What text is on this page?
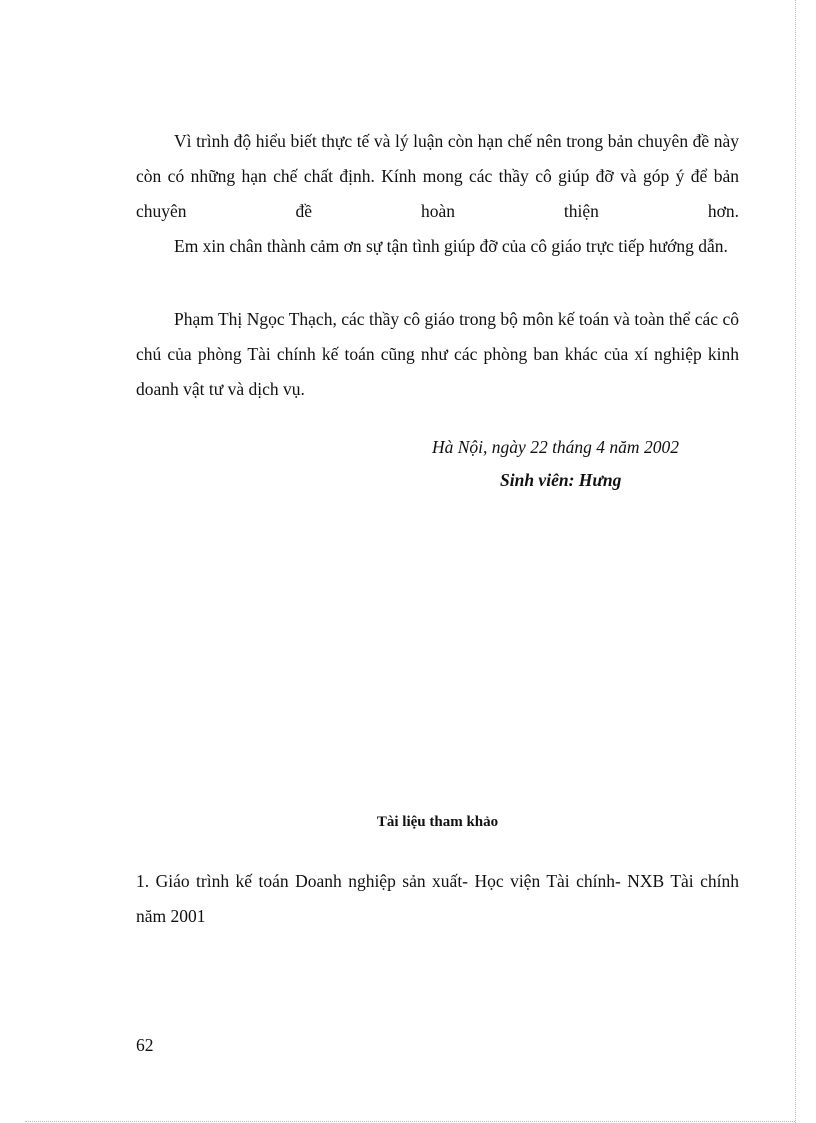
Vì trình độ hiểu biết thực tế và lý luận còn hạn chế nên trong bản chuyên đề này còn có những hạn chế chất định. Kính mong các thầy cô giúp đỡ và góp ý để bản chuyên đề hoàn thiện hơn.

Em xin chân thành cảm ơn sự tận tình giúp đỡ của cô giáo trực tiếp hướng dẫn.

Phạm Thị Ngọc Thạch, các thầy cô giáo trong bộ môn kế toán và toàn thể các cô chú của phòng Tài chính kế toán cũng như các phòng ban khác của xí nghiệp kinh doanh vật tư và dịch vụ.

Hà Nội, ngày 22 tháng 4 năm 2002
Sinh viên: Hưng
Tài liệu tham khảo

1. Giáo trình kế toán Doanh nghiệp sản xuất- Học viện Tài chính- NXB Tài chính năm 2001

62
